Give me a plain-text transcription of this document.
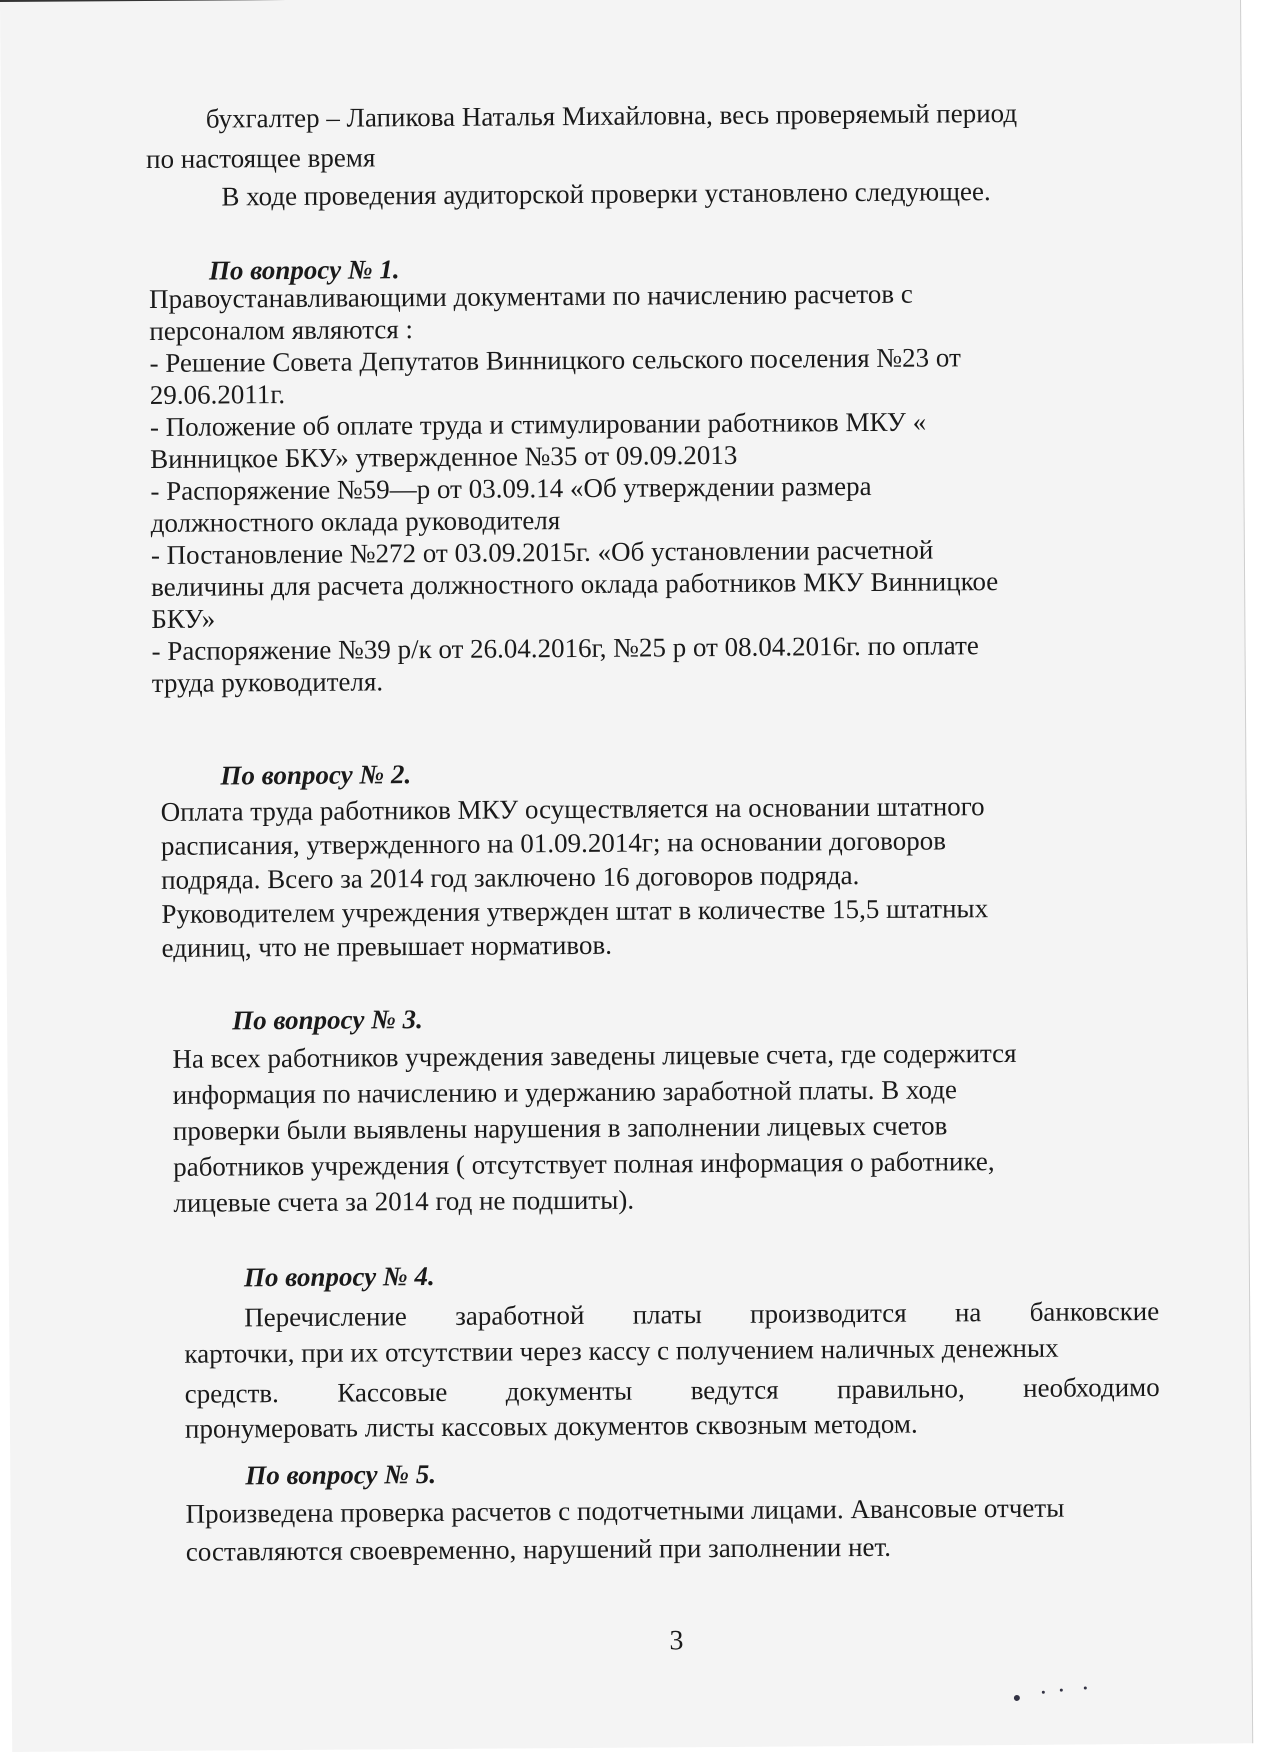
бухгалтер – Лапикова Наталья Михайловна, весь проверяемый период
по настоящее время
В ходе проведения аудиторской проверки установлено следующее.
По вопросу № 1.
Правоустанавливающими документами по начислению расчетов с
персоналом являются :
- Решение Совета Депутатов Винницкого сельского поселения №23 от
29.06.2011г.
- Положение об оплате труда и стимулировании работников МКУ «
Винницкое БКУ» утвержденное №35 от 09.09.2013
- Распоряжение №59—р от 03.09.14 «Об утверждении размера
должностного оклада руководителя
- Постановление №272 от 03.09.2015г. «Об установлении расчетной
величины для расчета должностного оклада работников МКУ Винницкое
БКУ»
- Распоряжение №39 р/к от 26.04.2016г, №25 р от 08.04.2016г. по оплате
труда руководителя.
По вопросу № 2.
Оплата труда работников МКУ осуществляется на основании штатного
расписания, утвержденного на 01.09.2014г; на основании договоров
подряда. Всего за 2014 год заключено 16 договоров подряда.
Руководителем учреждения утвержден штат в количестве 15,5 штатных
единиц, что не превышает нормативов.
По вопросу № 3.
На всех работников учреждения заведены лицевые счета, где содержится
информация по начислению и удержанию заработной платы. В ходе
проверки были выявлены нарушения в заполнении лицевых счетов
работников учреждения ( отсутствует полная информация о работнике,
лицевые счета за 2014 год не подшиты).
По вопросу № 4.
Перечисление заработной платы производится на банковские
карточки, при их отсутствии через кассу с получением наличных денежных
средств. Кассовые документы ведутся правильно, необходимо
пронумеровать листы кассовых документов сквозным методом.
По вопросу № 5.
Произведена проверка расчетов с подотчетными лицами. Авансовые отчеты
составляются своевременно, нарушений при заполнении нет.
3
